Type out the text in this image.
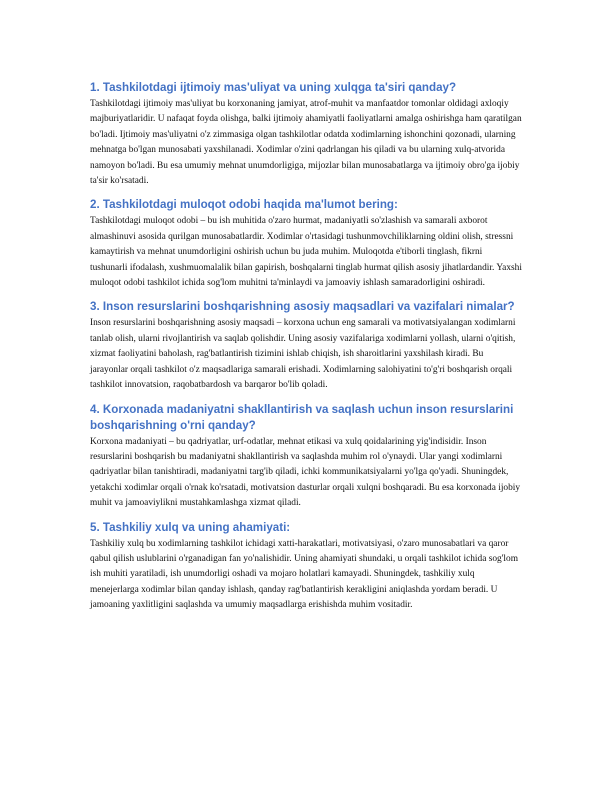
1. Tashkilotdagi ijtimoiy mas'uliyat va uning xulqga ta'siri qanday?

Tashkilotdagi ijtimoiy mas'uliyat bu korxonaning jamiyat, atrof-muhit va manfaatdor tomonlar oldidagi axloqiy majburiyatlaridir. U nafaqat foyda olishga, balki ijtimoiy ahamiyatli faoliyatlarni amalga oshirishga ham qaratilgan bo'ladi. Ijtimoiy mas'uliyatni o'z zimmasiga olgan tashkilotlar odatda xodimlarning ishonchini qozonadi, ularning mehnatga bo'lgan munosabati yaxshilanadi. Xodimlar o'zini qadrlangan his qiladi va bu ularning xulq-atvorida namoyon bo'ladi. Bu esa umumiy mehnat unumdorligiga, mijozlar bilan munosabatlarga va ijtimoiy obro'ga ijobiy ta'sir ko'rsatadi.

2. Tashkilotdagi muloqot odobi haqida ma'lumot bering:

Tashkilotdagi muloqot odobi – bu ish muhitida o'zaro hurmat, madaniyatli so'zlashish va samarali axborot almashinuvi asosida qurilgan munosabatlardir. Xodimlar o'rtasidagi tushunmovchiliklarning oldini olish, stressni kamaytirish va mehnat unumdorligini oshirish uchun bu juda muhim. Muloqotda e'tiborli tinglash, fikrni tushunarli ifodalash, xushmuomalalik bilan gapirish, boshqalarni tinglab hurmat qilish asosiy jihatlardandir. Yaxshi muloqot odobi tashkilot ichida sog'lom muhitni ta'minlaydi va jamoaviy ishlash samaradorligini oshiradi.

3. Inson resurslarini boshqarishning asosiy maqsadlari va vazifalari nimalar?

Inson resurslarini boshqarishning asosiy maqsadi – korxona uchun eng samarali va motivatsiyalangan xodimlarni tanlab olish, ularni rivojlantirish va saqlab qolishdir. Uning asosiy vazifalariga xodimlarni yollash, ularni o'qitish, xizmat faoliyatini baholash, rag'batlantirish tizimini ishlab chiqish, ish sharoitlarini yaxshilash kiradi. Bu jarayonlar orqali tashkilot o'z maqsadlariga samarali erishadi. Xodimlarning salohiyatini to'g'ri boshqarish orqali tashkilot innovatsion, raqobatbardosh va barqaror bo'lib qoladi.

4. Korxonada madaniyatni shakllantirish va saqlash uchun inson resurslarini boshqarishning o'rni qanday?

Korxona madaniyati – bu qadriyatlar, urf-odatlar, mehnat etikasi va xulq qoidalarining yig'indisidir. Inson resurslarini boshqarish bu madaniyatni shakllantirish va saqlashda muhim rol o'ynaydi. Ular yangi xodimlarni qadriyatlar bilan tanishtiradi, madaniyatni targ'ib qiladi, ichki kommunikatsiyalarni yo'lga qo'yadi. Shuningdek, yetakchi xodimlar orqali o'rnak ko'rsatadi, motivatsion dasturlar orqali xulqni boshqaradi. Bu esa korxonada ijobiy muhit va jamoaviylikni mustahkamlashga xizmat qiladi.

5. Tashkiliy xulq va uning ahamiyati:

Tashkiliy xulq bu xodimlarning tashkilot ichidagi xatti-harakatlari, motivatsiyasi, o'zaro munosabatlari va qaror qabul qilish uslublarini o'rganadigan fan yo'nalishidir. Uning ahamiyati shundaki, u orqali tashkilot ichida sog'lom ish muhiti yaratiladi, ish unumdorligi oshadi va mojaro holatlari kamayadi. Shuningdek, tashkiliy xulq menejerlarga xodimlar bilan qanday ishlash, qanday rag'batlantirish kerakligini aniqlashda yordam beradi. U jamoaning yaxlitligini saqlashda va umumiy maqsadlarga erishishda muhim vositadir.
